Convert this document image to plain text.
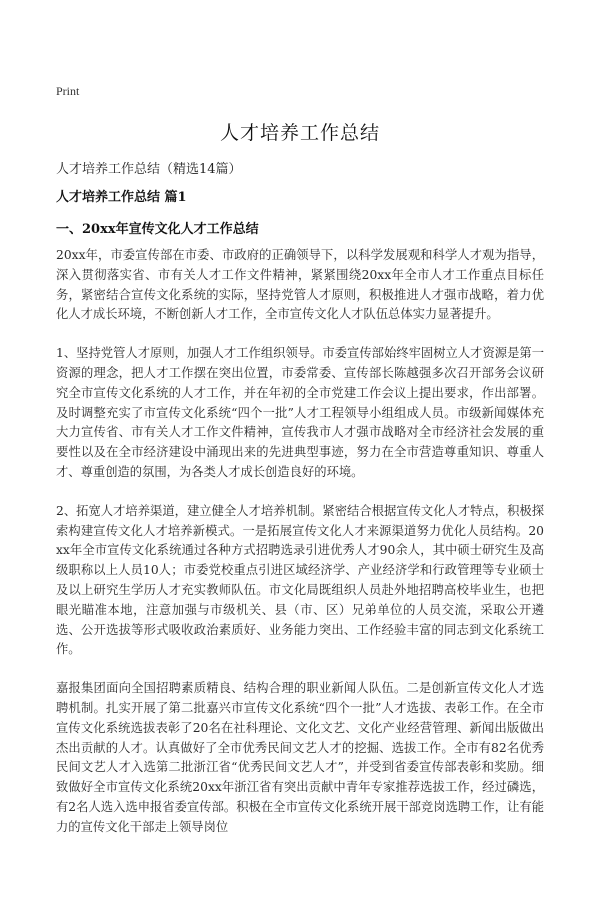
Print
人才培养工作总结
人才培养工作总结（精选14篇）
人才培养工作总结 篇1
一、20xx年宣传文化人才工作总结

20xx年，市委宣传部在市委、市政府的正确领导下，以科学发展观和科学人才观为指导，深入贯彻落实省、市有关人才工作文件精神，紧紧围绕20xx年全市人才工作重点目标任务，紧密结合宣传文化系统的实际，坚持党管人才原则，积极推进人才强市战略，着力优化人才成长环境，不断创新人才工作，全市宣传文化人才队伍总体实力显著提升。

1、坚持党管人才原则，加强人才工作组织领导。市委宣传部始终牢固树立人才资源是第一资源的理念，把人才工作摆在突出位置，市委常委、宣传部长陈越强多次召开部务会议研究全市宣传文化系统的人才工作，并在年初的全市党建工作会议上提出要求，作出部署。及时调整充实了市宣传文化系统“四个一批”人才工程领导小组组成人员。市级新闻媒体充大力宣传省、市有关人才工作文件精神，宣传我市人才强市战略对全市经济社会发展的重要性以及在全市经济建设中涌现出来的先进典型事迹，努力在全市营造尊重知识、尊重人才、尊重创造的氛围，为各类人才成长创造良好的环境。

2、拓宽人才培养渠道，建立健全人才培养机制。紧密结合根据宣传文化人才特点，积极探索构建宣传文化人才培养新模式。一是拓展宣传文化人才来源渠道努力优化人员结构。20xx年全市宣传文化系统通过各种方式招聘选录引进优秀人才90余人，其中硕士研究生及高级职称以上人员10人；市委党校重点引进区域经济学、产业经济学和行政管理等专业硕士及以上研究生学历人才充实教师队伍。市文化局既组织人员赴外地招聘高校毕业生，也把眼光瞄准本地，注意加强与市级机关、县（市、区）兄弟单位的人员交流，采取公开遴选、公开选拔等形式吸收政治素质好、业务能力突出、工作经验丰富的同志到文化系统工作。

嘉报集团面向全国招聘素质精良、结构合理的职业新闻人队伍。二是创新宣传文化人才选聘机制。扎实开展了第二批嘉兴市宣传文化系统“四个一批”人才选拔、表彰工作。在全市宣传文化系统选拔表彰了20名在社科理论、文化文艺、文化产业经营管理、新闻出版做出杰出贡献的人才。认真做好了全市优秀民间文艺人才的挖掘、选拔工作。全市有82名优秀民间文艺人才入选第二批浙江省“优秀民间文艺人才”，并受到省委宣传部表彰和奖励。细致做好全市宣传文化系统20xx年浙江省有突出贡献中青年专家推荐选拔工作，经过磷选，有2名人选入选申报省委宣传部。积极在全市宣传文化系统开展干部竞岗选聘工作，让有能力的宣传文化干部走上领导岗位
